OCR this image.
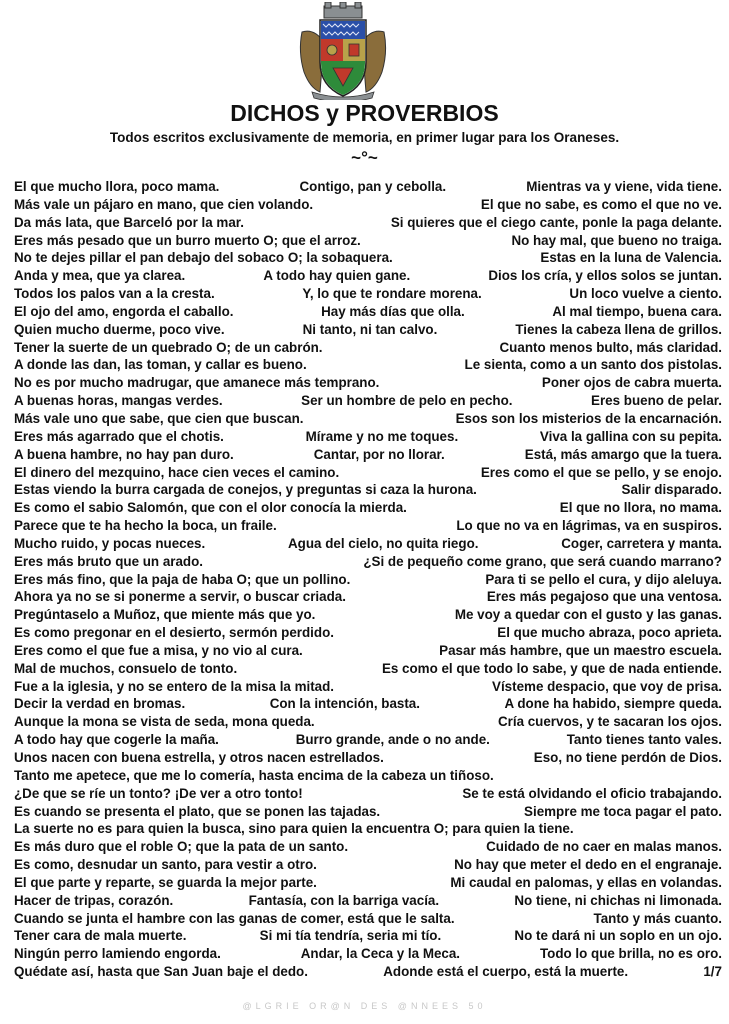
DICHOS y PROVERBIOS
Todos escritos exclusivamente de memoria, en primer lugar para los Oraneses.
~°~
El que mucho llora, poco mama.	Contigo, pan y cebolla.	Mientras va y viene, vida tiene.
Más vale un pájaro en mano, que cien volando.	El que no sabe, es como el que no ve.
Da más lata, que Barceló por la mar.	Si quieres que el ciego cante, ponle la paga delante.
Eres más pesado que un burro muerto O; que el arroz.	No hay mal, que bueno no traiga.
No te dejes pillar el pan debajo del sobaco O; la sobaquera.	Estas en la luna de Valencia.
Anda y mea, que ya clarea.	A todo hay quien gane.	Dios los cría, y ellos solos se juntan.
Todos los palos van a la cresta.	Y, lo que te rondare morena.	Un loco vuelve a ciento.
El ojo del amo, engorda el caballo.	Hay más días que olla.	Al mal tiempo, buena cara.
Quien mucho duerme, poco vive.	Ni tanto, ni tan calvo.	Tienes la cabeza llena de grillos.
Tener la suerte de un quebrado O; de un cabrón.	Cuanto menos bulto, más claridad.
A donde las dan, las toman, y callar es bueno.	Le sienta, como a un santo dos pistolas.
No es por mucho madrugar, que amanece más temprano.	Poner ojos de cabra muerta.
A buenas horas, mangas verdes.	Ser un hombre de pelo en pecho.	Eres bueno de pelar.
Más vale uno que sabe, que cien que buscan.	Esos son los misterios de la encarnación.
Eres más agarrado que el chotis.	Mírame y no me toques.	Viva la gallina con su pepita.
A buena hambre, no hay pan duro.	Cantar, por no llorar.	Está, más amargo que la tuera.
El dinero del mezquino, hace cien veces el camino.	Eres como el que se pello, y se enojo.
Estas viendo la burra cargada de conejos, y preguntas si caza la hurona.	Salir disparado.
Es como el sabio Salomón, que con el olor conocía la mierda.	El que no llora, no mama.
Parece que te ha hecho la boca, un fraile.	Lo que no va en lágrimas, va en suspiros.
Mucho ruido, y pocas nueces.	Agua del cielo, no quita riego.	Coger, carretera y manta.
Eres más bruto que un arado.	¿Si de pequeño come grano, que será cuando marrano?
Eres más fino, que la paja de haba O; que un pollino.	Para ti se pello el cura, y dijo aleluya.
Ahora ya no se si ponerme a servir, o buscar criada.	Eres más pegajoso que una ventosa.
Pregúntaselo a Muñoz, que miente más que yo.	Me voy a quedar con el gusto y las ganas.
Es como pregonar en el desierto, sermón perdido.	El que mucho abraza, poco aprieta.
Eres como el que fue a misa, y no vio al cura.	Pasar más hambre, que un maestro escuela.
Mal de muchos, consuelo de tonto.	Es como el que todo lo sabe, y que de nada entiende.
Fue a la iglesia, y no se entero de la misa la mitad.	Vísteme despacio, que voy de prisa.
Decir la verdad en bromas.	Con la intención, basta.	A done ha habido, siempre queda.
Aunque la mona se vista de seda, mona queda.	Cría cuervos, y te sacaran los ojos.
A todo hay que cogerle la maña.	Burro grande, ande o no ande.	Tanto tienes tanto vales.
Unos nacen con buena estrella, y otros nacen estrellados.	Eso, no tiene perdón de Dios.
Tanto me apetece, que me lo comería, hasta encima de la cabeza un tiñoso.
¿De que se ríe un tonto? ¡De ver a otro tonto!	Se te está olvidando el oficio trabajando.
Es cuando se presenta el plato, que se ponen las tajadas.	Siempre me toca pagar el pato.
La suerte no es para quien la busca, sino para quien la encuentra O; para quien la tiene.
Es más duro que el roble O; que la pata de un santo.	Cuidado de no caer en malas manos.
Es como, desnudar un santo, para vestir a otro.	No hay que meter el dedo en el engranaje.
El que parte y reparte, se guarda la mejor parte.	Mi caudal en palomas, y ellas en volandas.
Hacer de tripas, corazón.	Fantasía, con la barriga vacía.	No tiene, ni chichas ni limonada.
Cuando se junta el hambre con las ganas de comer, está que le salta.	Tanto y más cuanto.
Tener cara de mala muerte.	Si mi tía tendría, seria mi tío.	No te dará ni un soplo en un ojo.
Ningún perro lamiendo engorda.	Andar, la Ceca y la Meca.	Todo lo que brilla, no es oro.
Quédate así, hasta que San Juan baje el dedo.	Adonde está el cuerpo, está la muerte.	1/7
@LGRIE OR@N DES @NNEES 50
